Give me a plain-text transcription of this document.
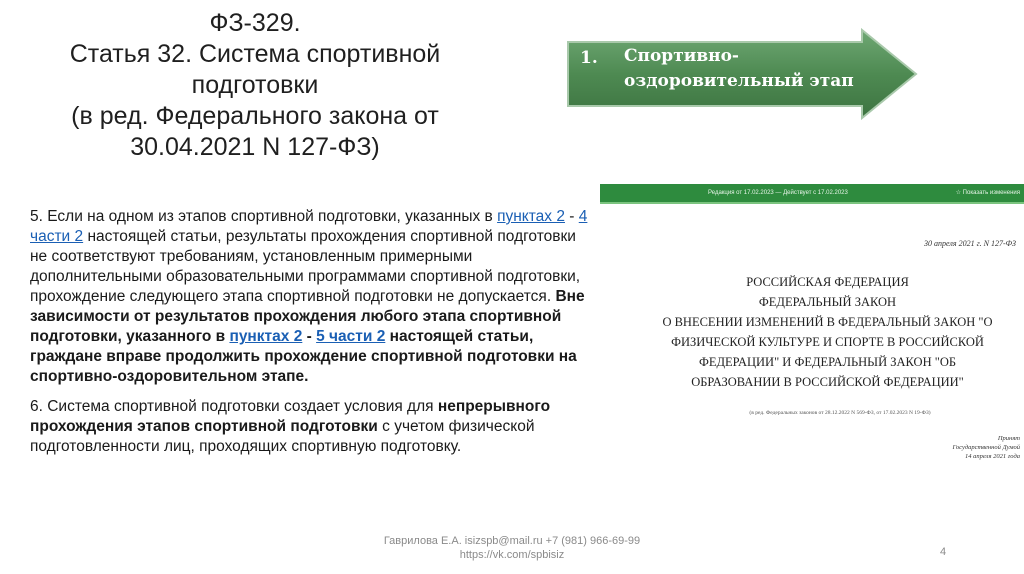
ФЗ-329.
Статья 32. Система спортивной
подготовки
(в ред. Федерального закона от
30.04.2021 N 127-ФЗ)
1. Спортивно-
оздоровительный этап

5. Если на одном из этапов спортивной подготовки, указанных в пунктах 2 - 4 части 2 настоящей статьи, результаты прохождения спортивной подготовки не соответствуют требованиям, установленным примерными дополнительными образовательными программами спортивной подготовки, прохождение следующего этапа спортивной подготовки не допускается. Вне зависимости от результатов прохождения любого этапа спортивной подготовки, указанного в пунктах 2 - 5 части 2 настоящей статьи, граждане вправе продолжить прохождение спортивной подготовки на спортивно-оздоровительном этапе.

6. Система спортивной подготовки создает условия для непрерывного прохождения этапов спортивной подготовки с учетом физической подготовленности лиц, проходящих спортивную подготовку.

Редакция от 17.02.2023 — Действует с 17.02.2023	☆ Показать изменения
30 апреля 2021 г. N 127-ФЗ
РОССИЙСКАЯ ФЕДЕРАЦИЯ
ФЕДЕРАЛЬНЫЙ ЗАКОН
О ВНЕСЕНИИ ИЗМЕНЕНИЙ В ФЕДЕРАЛЬНЫЙ ЗАКОН "О
ФИЗИЧЕСКОЙ КУЛЬТУРЕ И СПОРТЕ В РОССИЙСКОЙ
ФЕДЕРАЦИИ" И ФЕДЕРАЛЬНЫЙ ЗАКОН "ОБ
ОБРАЗОВАНИИ В РОССИЙСКОЙ ФЕДЕРАЦИИ"
(в ред. Федеральных законов от 28.12.2022 N 569-ФЗ, от 17.02.2023 N 19-ФЗ)
Принят
Государственной Думой
14 апреля 2021 года
Гаврилова Е.А. isizspb@mail.ru +7 (981) 966-69-99
https://vk.com/spbisiz	4
